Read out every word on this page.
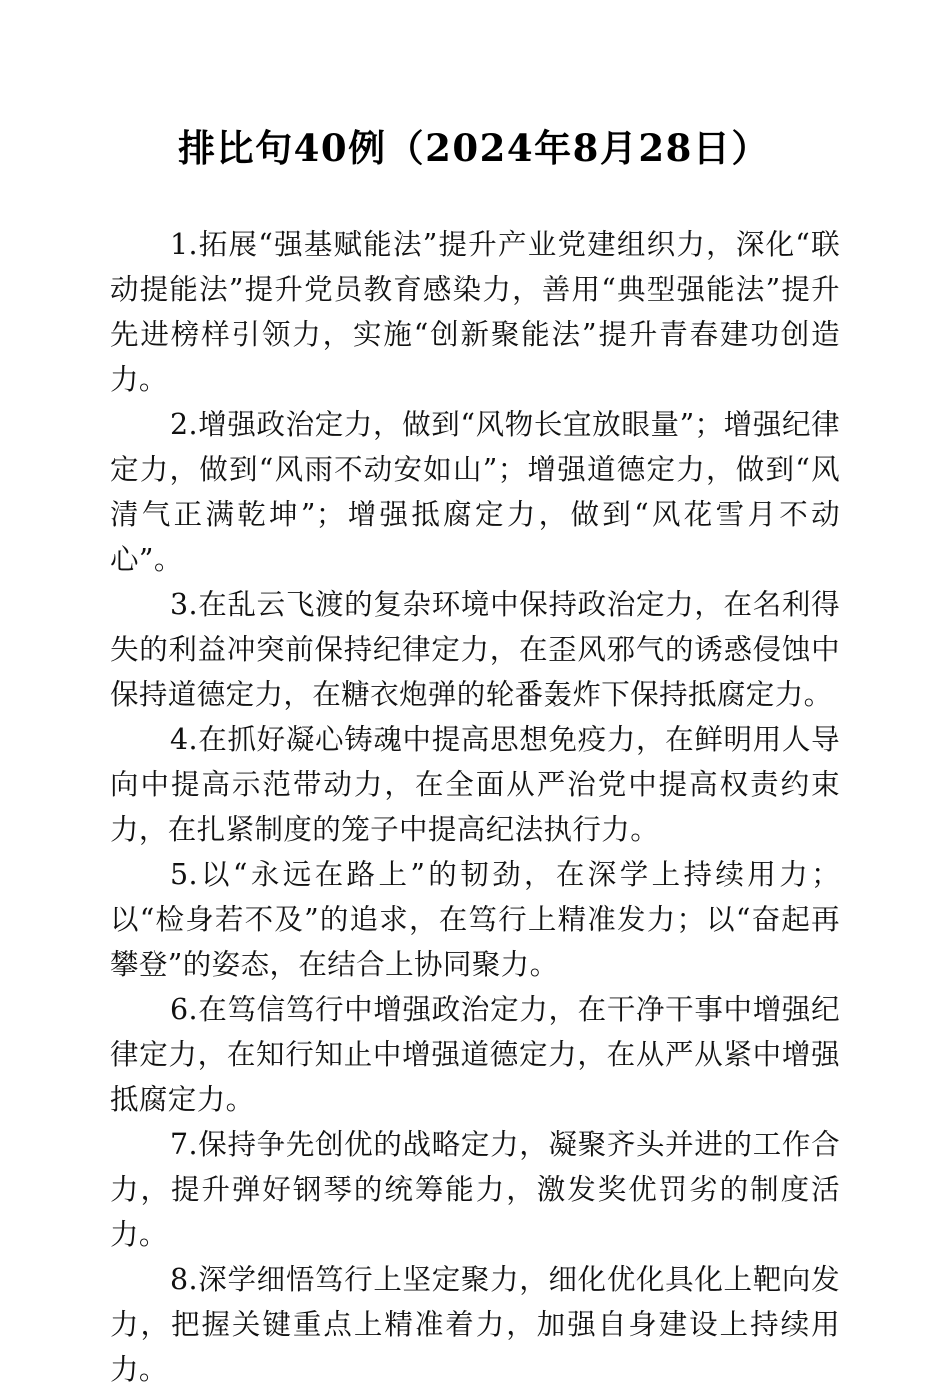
排比句40例（2024年8月28日）

1.拓展“强基赋能法”提升产业党建组织力，深化“联动提能法”提升党员教育感染力，善用“典型强能法”提升先进榜样引领力，实施“创新聚能法”提升青春建功创造力。

2.增强政治定力，做到“风物长宜放眼量”；增强纪律定力，做到“风雨不动安如山”；增强道德定力，做到“风清气正满乾坤”；增强抵腐定力，做到“风花雪月不动心”。

3.在乱云飞渡的复杂环境中保持政治定力，在名利得失的利益冲突前保持纪律定力，在歪风邪气的诱惑侵蚀中保持道德定力，在糖衣炮弹的轮番轰炸下保持抵腐定力。

4.在抓好凝心铸魂中提高思想免疫力，在鲜明用人导向中提高示范带动力，在全面从严治党中提高权责约束力，在扎紧制度的笼子中提高纪法执行力。

5.以“永远在路上”的韧劲，在深学上持续用力；以“检身若不及”的追求，在笃行上精准发力；以“奋起再攀登”的姿态，在结合上协同聚力。

6.在笃信笃行中增强政治定力，在干净干事中增强纪律定力，在知行知止中增强道德定力，在从严从紧中增强抵腐定力。

7.保持争先创优的战略定力，凝聚齐头并进的工作合力，提升弹好钢琴的统筹能力，激发奖优罚劣的制度活力。

8.深学细悟笃行上坚定聚力，细化优化具化上靶向发力，把握关键重点上精准着力，加强自身建设上持续用力。
